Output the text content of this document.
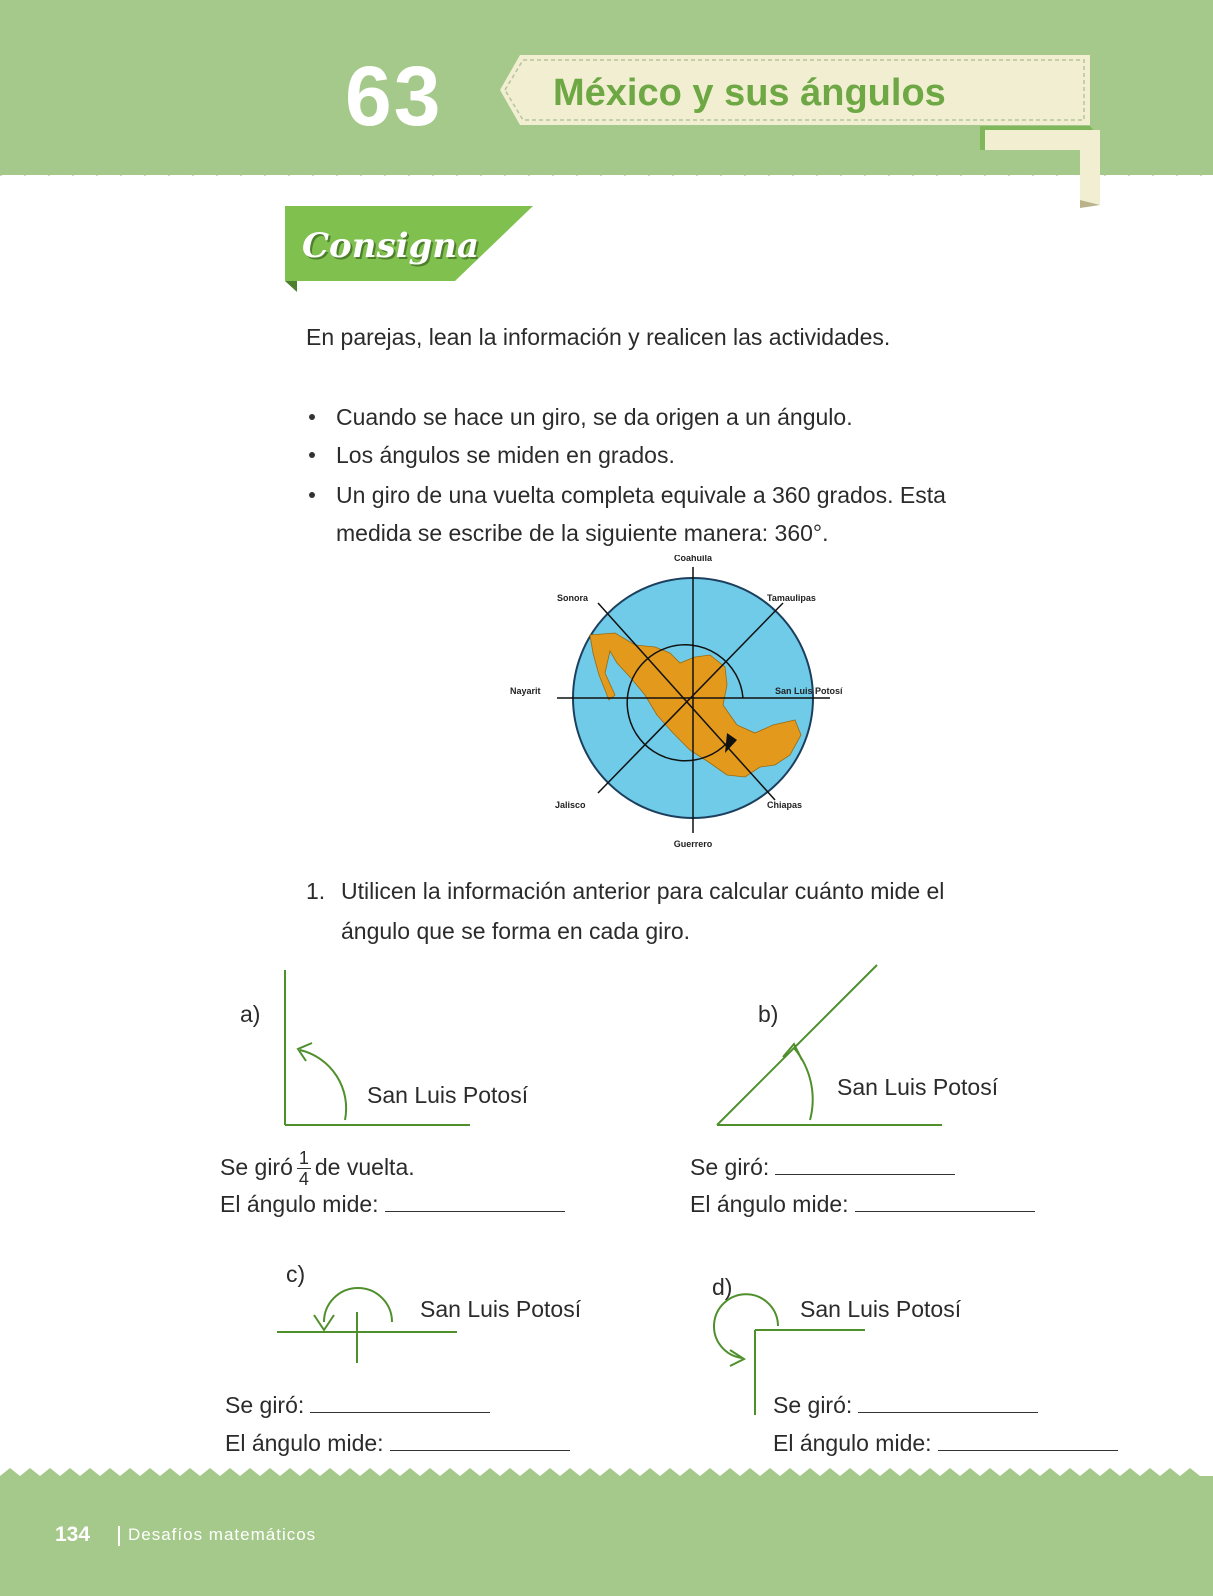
63	México y sus ángulos
Consigna
En parejas, lean la información y realicen las actividades.
Cuando se hace un giro, se da origen a un ángulo.
Los ángulos se miden en grados.
Un giro de una vuelta completa equivale a 360 grados. Esta
medida se escribe de la siguiente manera: 360°.
Coahuila
Tamaulipas
San Luis Potosí
Chiapas
Guerrero
Jalisco
Nayarit
Sonora
1. Utilicen la información anterior para calcular cuánto mide el
ángulo que se forma en cada giro.
a)
San Luis Potosí
Se giró $\frac{1}{4}$ de vuelta.
El ángulo mide:
b)
San Luis Potosí
Se giró:
El ángulo mide:
c)
San Luis Potosí
Se giró:
El ángulo mide:
d)
San Luis Potosí
Se giró:
El ángulo mide:
134 Desafíos matemáticos
